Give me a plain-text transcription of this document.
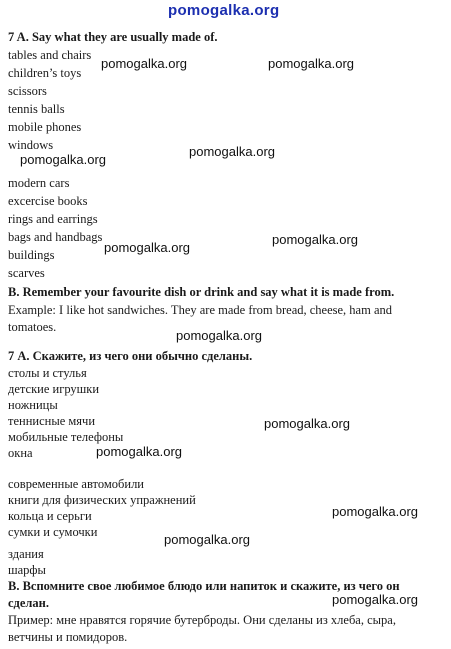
pomogalka.org
7 A. Say what they are usually made of.
tables and chairs
children’s toys
scissors
tennis balls
mobile phones
windows
modern cars
excercise books
rings and earrings
bags and handbags
buildings
scarves
B. Remember your favourite dish or drink and say what it is made from.
Example: I like hot sandwiches. They are made from bread, cheese, ham and tomatoes.
7 А. Скажите, из чего они обычно сделаны.
столы и стулья
детские игрушки
ножницы
теннисные мячи
мобильные телефоны
окна
современные автомобили
книги для физических упражнений
кольца и серьги
сумки и сумочки
здания
шарфы
В. Вспомните свое любимое блюдо или напиток и скажите, из чего он сделан.
Пример: мне нравятся горячие бутерброды. Они сделаны из хлеба, сыра, ветчины и помидоров.
pomogalka.org	pomogalka.org
pomogalka.org
pomogalka.org
pomogalka.org
pomogalka.org
pomogalka.org
pomogalka.org
pomogalka.org
pomogalka.org
pomogalka.org
pomogalka.org
